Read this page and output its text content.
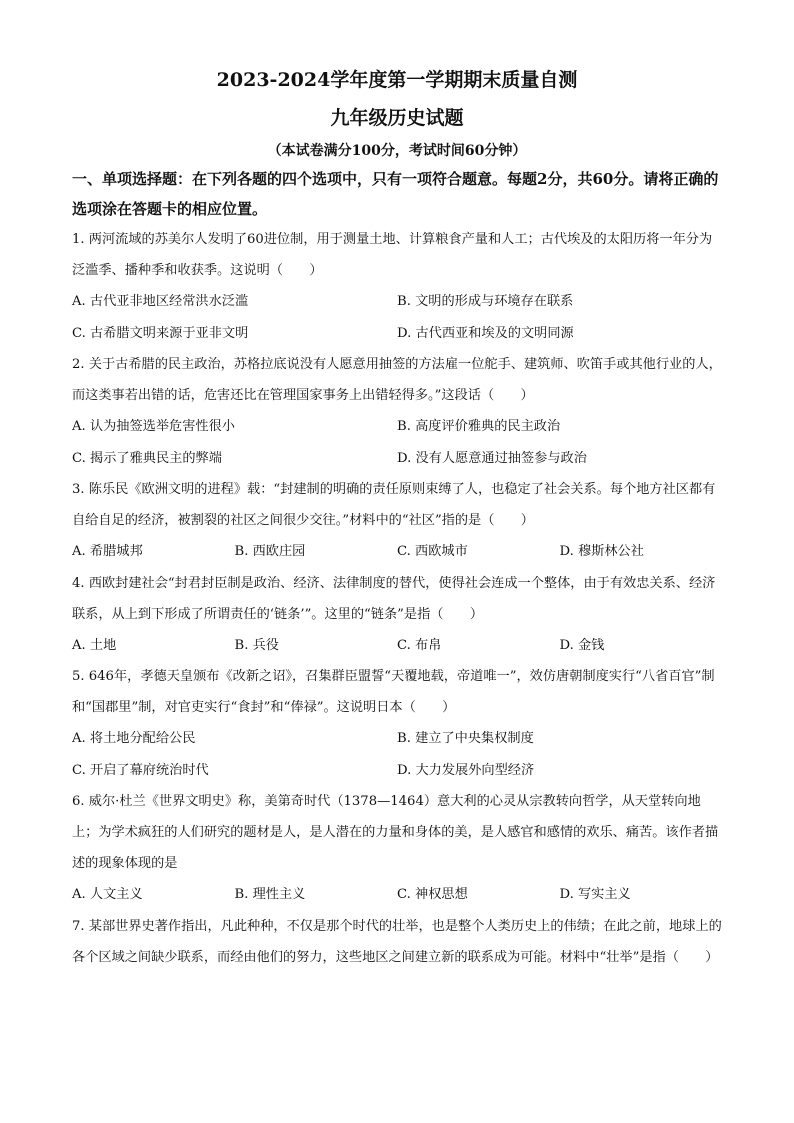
2023-2024学年度第一学期期末质量自测
九年级历史试题
（本试卷满分100分，考试时间60分钟）
一、单项选择题：在下列各题的四个选项中，只有一项符合题意。每题2分，共60分。请将正确的选项涂在答题卡的相应位置。
1. 两河流域的苏美尔人发明了60进位制，用于测量土地、计算粮食产量和人工；古代埃及的太阳历将一年分为泛滥季、播种季和收获季。这说明（　　）
A. 古代亚非地区经常洪水泛滥	B. 文明的形成与环境存在联系
C. 古希腊文明来源于亚非文明	D. 古代西亚和埃及的文明同源
2. 关于古希腊的民主政治，苏格拉底说没有人愿意用抽签的方法雇一位舵手、建筑师、吹笛手或其他行业的人，而这类事若出错的话，危害还比在管理国家事务上出错轻得多。”这段话（　　）
A. 认为抽签选举危害性很小	B. 高度评价雅典的民主政治
C. 揭示了雅典民主的弊端	D. 没有人愿意通过抽签参与政治
3. 陈乐民《欧洲文明的进程》载：“封建制的明确的责任原则束缚了人，也稳定了社会关系。每个地方社区都有自给自足的经济，被割裂的社区之间很少交往。”材料中的“社区”指的是（　　）
A. 希腊城邦	B. 西欧庄园	C. 西欧城市	D. 穆斯林公社
4. 西欧封建社会“封君封臣制是政治、经济、法律制度的替代，使得社会连成一个整体，由于有效忠关系、经济联系，从上到下形成了所谓责任的‘链条’”。这里的“链条”是指（　　）
A. 土地	B. 兵役	C. 布帛	D. 金钱
5. 646年，孝德天皇颁布《改新之诏》，召集群臣盟誓“天覆地载，帝道唯一”，效仿唐朝制度实行“八省百官”制和“国郡里”制，对官吏实行“食封”和“俸禄”。这说明日本（　　）
A. 将土地分配给公民	B. 建立了中央集权制度
C. 开启了幕府统治时代	D. 大力发展外向型经济
6. 威尔·杜兰《世界文明史》称，美第奇时代（1378—1464）意大利的心灵从宗教转向哲学，从天堂转向地上；为学术疯狂的人们研究的题材是人，是人潜在的力量和身体的美，是人感官和感情的欢乐、痛苦。该作者描述的现象体现的是
A. 人文主义	B. 理性主义	C. 神权思想	D. 写实主义
7. 某部世界史著作指出，凡此种种，不仅是那个时代的壮举，也是整个人类历史上的伟绩；在此之前，地球上的各个区域之间缺少联系，而经由他们的努力，这些地区之间建立新的联系成为可能。材料中“壮举”是指（　　）
